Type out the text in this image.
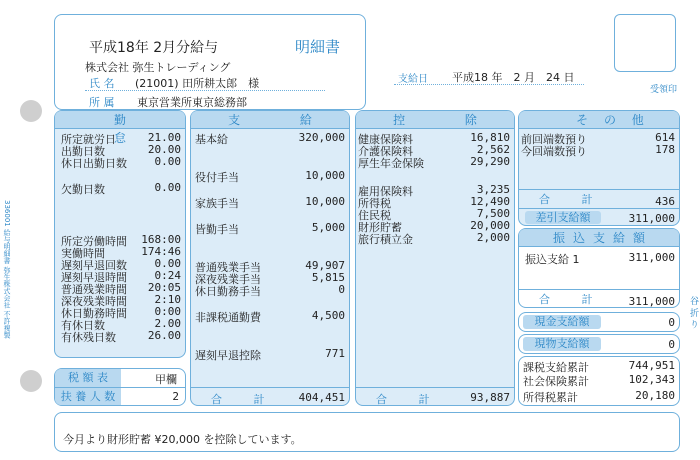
336001 給与明細書 弥生株式会社 不許複製	谷 折 り
平成18年 2月分給与	明細書
株式会社 弥生トレーディング
氏 名 (21001) 田所耕太郎　様
所 属 東京営業所東京総務部
支給日 平成18 年　2 月　24 日
受領印
勤 怠
所定就労日	21.00
出勤日数	20.00
休日出勤日数	0.00
欠勤日数	0.00
所定労働時間 168:00
実働時間	174:46
遅刻早退回数	0.00
遅刻早退時間	0:24
普通残業時間 20:05
深夜残業時間	2:10
休日勤務時間	0:00
有休日数	2.00
有休残日数	26.00
税 額 表	甲欄
扶 養 人 数	2
支 給
基本給	320,000
役付手当	10,000
家族手当	10,000
皆勤手当	5,000
普通残業手当	49,907
深夜残業手当	5,815
休日勤務手当	0
非課税通勤費	4,500
遅刻早退控除	771
合 計 404,451
控 除
健康保険料	16,810
介護保険料	2,562
厚生年金保険	29,290
雇用保険料	3,235
所得税	12,490
住民税	7,500
財形貯蓄	20,000
旅行積立金	2,000
合 計 93,887
そ の 他
前回端数預り	614
今回端数預り	178
合 計	436
差引支給額	311,000
振込支給額
振込支給 1	311,000
合 計 311,000
現金支給額	0
現物支給額	0
課税支給累計	744,951
社会保険累計	102,343
所得税累計	20,180
今月より財形貯蓄 ¥20,000 を控除しています。
